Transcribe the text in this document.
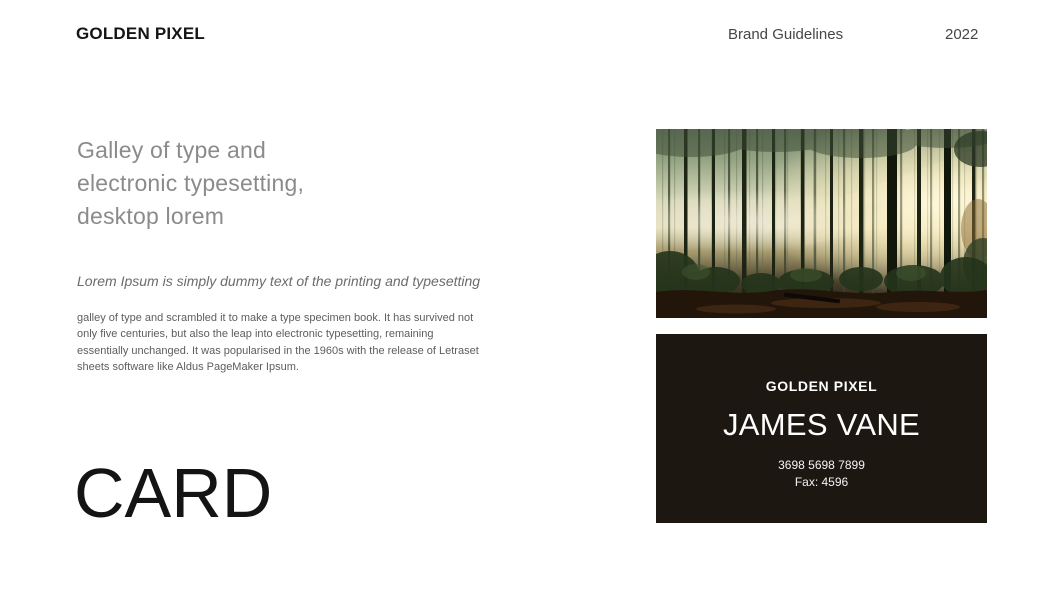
GOLDEN PIXEL	Brand Guidelines	2022
Galley of type and
electronic typesetting,
desktop lorem
Lorem Ipsum is simply dummy text of the printing and typesetting
galley of type and scrambled it to make a type specimen book. It has survived not
only five centuries, but also the leap into electronic typesetting, remaining
essentially unchanged. It was popularised in the 1960s with the release of Letraset
sheets software like Aldus PageMaker Ipsum.
CARD
GOLDEN PIXEL
JAMES VANE
3698 5698 7899
Fax: 4596
